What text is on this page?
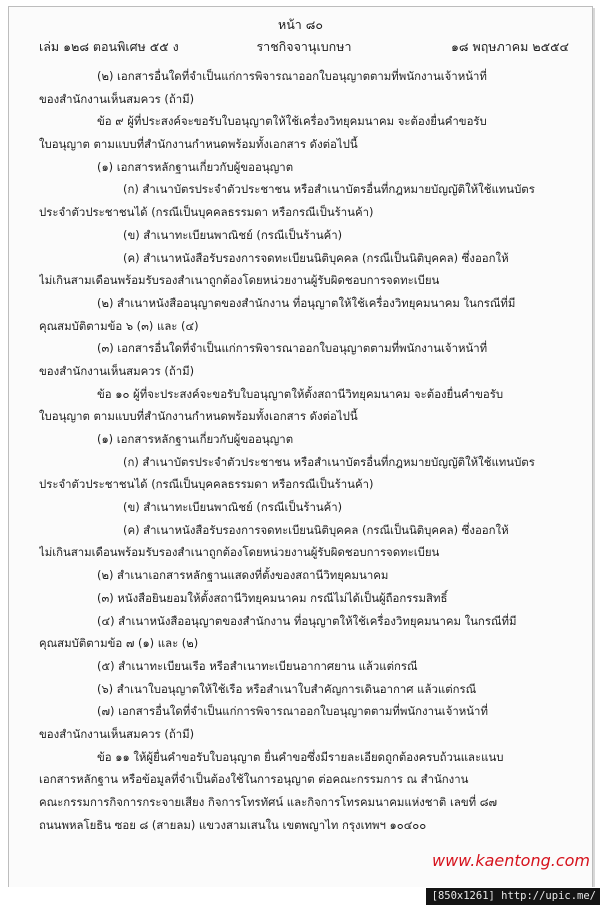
หน้า ๘๐
เล่ม ๑๒๘ ตอนพิเศษ ๕๕ ง	ราชกิจจานุเบกษา	๑๘ พฤษภาคม ๒๕๕๔
(๒) เอกสารอื่นใดที่จำเป็นแก่การพิจารณาออกใบอนุญาตตามที่พนักงานเจ้าหน้าที่
ของสำนักงานเห็นสมควร (ถ้ามี)
ข้อ ๙ ผู้ที่ประสงค์จะขอรับใบอนุญาตให้ใช้เครื่องวิทยุคมนาคม จะต้องยื่นคำขอรับ
ใบอนุญาต ตามแบบที่สำนักงานกำหนดพร้อมทั้งเอกสาร ดังต่อไปนี้
(๑) เอกสารหลักฐานเกี่ยวกับผู้ขออนุญาต
(ก) สำเนาบัตรประจำตัวประชาชน หรือสำเนาบัตรอื่นที่กฎหมายบัญญัติให้ใช้แทนบัตร
ประจำตัวประชาชนได้ (กรณีเป็นบุคคลธรรมดา หรือกรณีเป็นร้านค้า)
(ข) สำเนาทะเบียนพาณิชย์ (กรณีเป็นร้านค้า)
(ค) สำเนาหนังสือรับรองการจดทะเบียนนิติบุคคล (กรณีเป็นนิติบุคคล) ซึ่งออกให้
ไม่เกินสามเดือนพร้อมรับรองสำเนาถูกต้องโดยหน่วยงานผู้รับผิดชอบการจดทะเบียน
(๒) สำเนาหนังสืออนุญาตของสำนักงาน ที่อนุญาตให้ใช้เครื่องวิทยุคมนาคม ในกรณีที่มี
คุณสมบัติตามข้อ ๖ (๓) และ (๔)
(๓) เอกสารอื่นใดที่จำเป็นแก่การพิจารณาออกใบอนุญาตตามที่พนักงานเจ้าหน้าที่
ของสำนักงานเห็นสมควร (ถ้ามี)
ข้อ ๑๐ ผู้ที่จะประสงค์จะขอรับใบอนุญาตให้ตั้งสถานีวิทยุคมนาคม จะต้องยื่นคำขอรับ
ใบอนุญาต ตามแบบที่สำนักงานกำหนดพร้อมทั้งเอกสาร ดังต่อไปนี้
(๑) เอกสารหลักฐานเกี่ยวกับผู้ขออนุญาต
(ก) สำเนาบัตรประจำตัวประชาชน หรือสำเนาบัตรอื่นที่กฎหมายบัญญัติให้ใช้แทนบัตร
ประจำตัวประชาชนได้ (กรณีเป็นบุคคลธรรมดา หรือกรณีเป็นร้านค้า)
(ข) สำเนาทะเบียนพาณิชย์ (กรณีเป็นร้านค้า)
(ค) สำเนาหนังสือรับรองการจดทะเบียนนิติบุคคล (กรณีเป็นนิติบุคคล) ซึ่งออกให้
ไม่เกินสามเดือนพร้อมรับรองสำเนาถูกต้องโดยหน่วยงานผู้รับผิดชอบการจดทะเบียน
(๒) สำเนาเอกสารหลักฐานแสดงที่ตั้งของสถานีวิทยุคมนาคม
(๓) หนังสือยินยอมให้ตั้งสถานีวิทยุคมนาคม กรณีไม่ได้เป็นผู้ถือกรรมสิทธิ์
(๔) สำเนาหนังสืออนุญาตของสำนักงาน ที่อนุญาตให้ใช้เครื่องวิทยุคมนาคม ในกรณีที่มี
คุณสมบัติตามข้อ ๗ (๑) และ (๒)
(๕) สำเนาทะเบียนเรือ หรือสำเนาทะเบียนอากาศยาน แล้วแต่กรณี
(๖) สำเนาใบอนุญาตให้ใช้เรือ หรือสำเนาใบสำคัญการเดินอากาศ แล้วแต่กรณี
(๗) เอกสารอื่นใดที่จำเป็นแก่การพิจารณาออกใบอนุญาตตามที่พนักงานเจ้าหน้าที่
ของสำนักงานเห็นสมควร (ถ้ามี)
ข้อ ๑๑ ให้ผู้ยื่นคำขอรับใบอนุญาต ยื่นคำขอซึ่งมีรายละเอียดถูกต้องครบถ้วนและแนบ
เอกสารหลักฐาน หรือข้อมูลที่จำเป็นต้องใช้ในการอนุญาต ต่อคณะกรรมการ ณ สำนักงาน
คณะกรรมการกิจการกระจายเสียง กิจการโทรทัศน์ และกิจการโทรคมนาคมแห่งชาติ เลขที่ ๘๗
ถนนพหลโยธิน ซอย ๘ (สายลม) แขวงสามเสนใน เขตพญาไท กรุงเทพฯ ๑๐๔๐๐
www.kaentong.com
[850x1261] http://upic.me/
